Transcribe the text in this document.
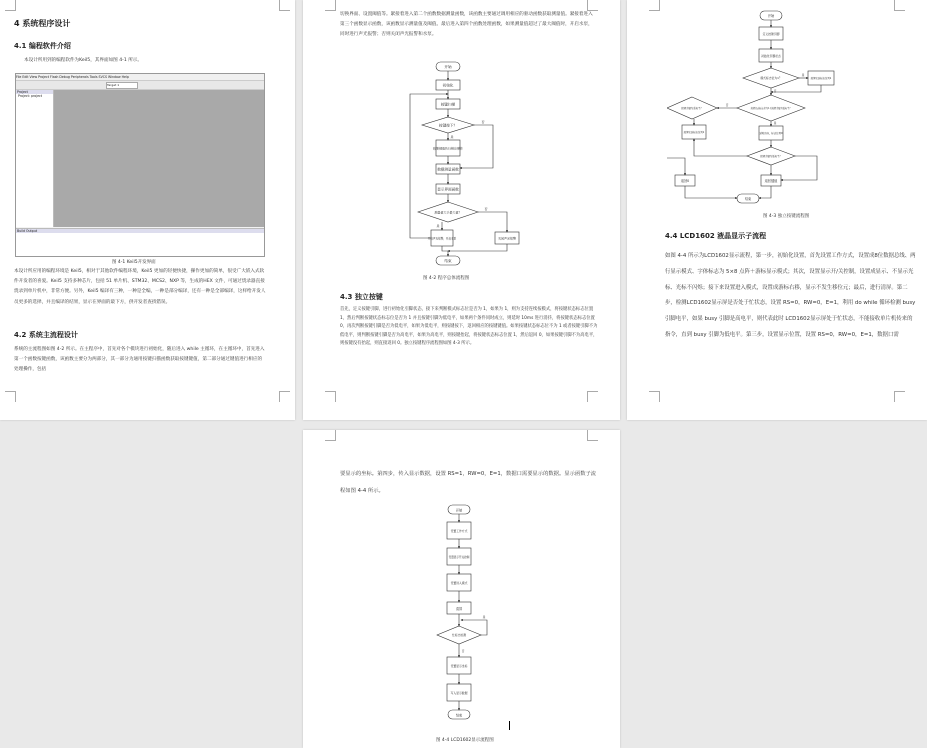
4 系统程序设计
4.1 编程软件介绍
本设计所用到的编程软件为Keil5，其界面如图 4-1 所示。
File Edit View Project Flash Debug Peripherals Tools SVCS Window Help
Target 1
Project
Project: project
Build Output
图 4-1 Keil5开发界面
本设计所应用的编程环境是 Keil5，相对于其他软件编程环境，Keil5 更加的轻便快捷，操作更加的简单，很受广大嵌入式软件开发者的喜爱。Keil5 支持多种芯片，包括 51 单片机、STM32、MCS2、NXP 等，生成的HEX 文件，可通过烧录器直接烧录到单片机中，非常方便。另外，Keil5 编译有三种，一种是全编，一种是部分编译，还有一种是全部编译，这样给开发人员更多的选择，并且编译的结果，显示在界面的最下方，供开发者查找错误。
4.2 系统主流程设计
系统的主流程图如图 4-2 所示。在主程序中，首先对各个模块进行初始化，随后进入 while 主循环，在主循环中，首先进入第一个函数按键函数，该函数主要分为两部分，其一部分为通用按键扫描函数获取按键键值，第二部分通过键值进行相应的处理操作，包括
切换界面、设置阈值等。紧接着进入第二个函数数据测量函数，该函数主要通过调用相应的驱动函数获取测量值。紧接着进入第三个函数显示函数，该函数显示测量值及阈值。最后进入第四个函数处理函数，如果测量值超过了最大阈值时，开启水泵，同时进行声光报警；否则关闭声光报警和水泵。
开始
初始化
按键扫描
按键按下？
按照键值执行相应操作
数据测量函数
显示界面函数
测量值大于最大值？
开启声光报警，开启水泵	关闭声光报警
结束
是
否
是
否
图 4-2 程序总体流程图
4.3 独立按键
首先，定义按键引脚，进行初始化引脚状态，接下来判断模式标志位是否为 1，如果为 1，则为支持连续按模式，将按键状态标志位置 1，然后判断按键状态标志位是否为 1 并且按键引脚为低电平，如果两个条件同时成立，则延时 10ms 进行消抖，将按键状态标志位置 0，再次判断按键引脚是否为低电平，如果为低电平，则按键按下，返回相应的按键键值。如果按键状态标志位不为 1 或者按键引脚不为低电平，则判断按键引脚是否为高电平，如果为高电平，则按键抬起，将按键状态标志位置 1，然后返回 0，如果按键引脚不为高电平，则按键没有抬起，则直接返回 0。独立按键程序流程图如图 4-3 所示。
开始
定义按键引脚
初始化引脚状态
模式标志位为1？	按键状态标志位置1
按键状态标志位为1且按键引脚为低电平？
按键引脚为高电平？
按键状态标志位置1	延时消抖，标志位置0
按键引脚为低电平？
返回0	返回键值
结束
是
否
是
否
图 4-3 独立按键流程图
4.4 LCD1602 液晶显示子流程
如图 4-4 所示为LCD1602显示流程，第一步，初始化设置，首先设置工作方式，设置成8位数据总线、两行显示模式、字体标志为 5×8 点阵＋游标显示模式；其次，设置显示开/关控制，设置成显示、不显示光标、光标不闪烁；接下来设置进入模式，设置成游标右移，显示不发生移位元；最后，进行清屏。第二步，检测LCD1602显示屏是否处于忙状态，设置 RS=0，RW=0，E=1，利用 do while 循环检测 busy 引脚电平，如果 busy 引脚是高电平，则代表此时 LCD1602显示屏处于忙状态，不能接收单片机传来的指令，直到 busy 引脚为低电平。第三步，设置显示位置，设置 RS=0，RW=0，E=1，数据口需
要显示的坐标。第四步，传入显示数据，设置 RS=1，RW=0，E=1，数据口需要显示的数据。显示函数子流程如图 4-4 所示。
开始
设置工作方式
设置显示开关控制
设置进入模式
清屏
忙标志检测
设置显示坐标
写入显示数据
结束
是
否
图 4-4 LCD1602显示流程图
